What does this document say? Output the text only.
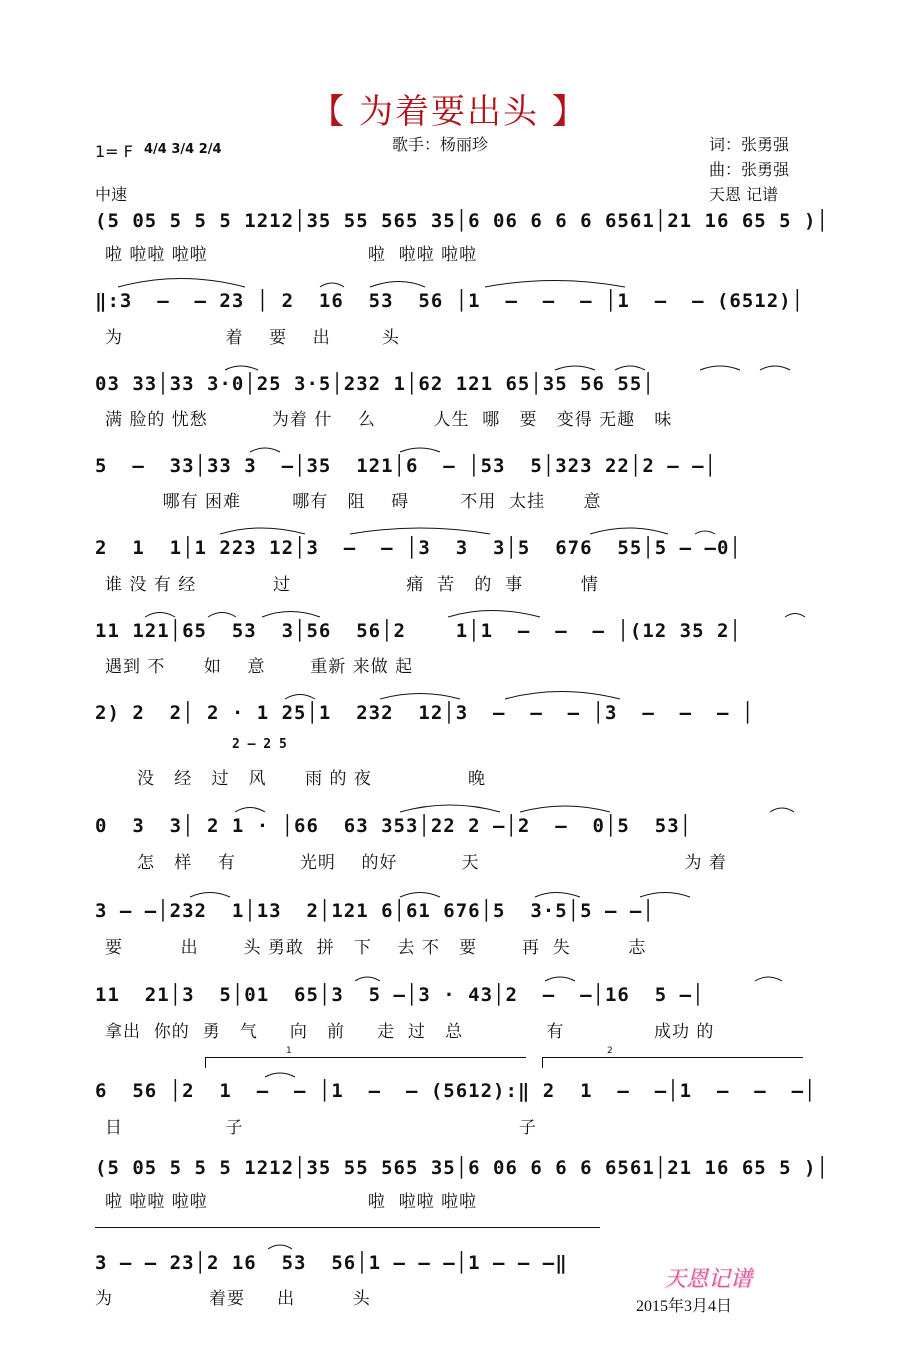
【 为着要出头 】
1= F 4/4 3/4 2/4	歌手：杨丽珍	词：张勇强
曲：张勇强
中速	天恩 记谱
(5 05 5 5 5 1212│35 55 565 35│6 06 6 6 6 6561│21 16 65 5 )│
啦 啦啦 啦啦                         啦  啦啦 啦啦
‖:3  ‒  ‒ 23 │ 2  16  53  56 │1  ‒  ‒  ‒ │1  ‒  ‒ (6512)│
为                着    要    出        头
03 33│33 3·0│25 3·5│232 1│62 121 65│35 56 55│
满 脸的 忧愁          为着 什    么         人生  哪   要   变得 无趣   味
5  ‒  33│33 3  ‒│35  121│6  ‒ │53  5│323 22│2 ‒ ‒│
哪有 困难        哪有   阻    碍        不用  太挂      意
2  1  1│1 223 12│3  ‒  ‒ │3  3  3│5  676  55│5 ‒ ‒0│
谁 没 有 经            过                  痛  苦   的  事         情
11 121│65  53  3│56  56│2    1│1  ‒  ‒  ‒ │(12 35 2│
遇到 不      如    意       重新 来做 起
2) 2  2│ 2 · 1 25│1  232  12│3  ‒  ‒  ‒ │3  ‒  ‒  ‒ │
没   经   过   风      雨 的 夜               晚
2 ‒ 2 5
0  3  3│ 2 1 · │66  63 353│22 2 ‒│2  ‒  0│5  53│
怎   样    有          光明    的好          天                                为 着
3 ‒ ‒│232  1│13  2│121 6│61 676│5  3·5│5 ‒ ‒│
要         出       头 勇敢  拼   下    去 不   要       再  失         志
11  21│3  5│01  65│3  5 ‒│3 · 43│2  ‒  ‒│16  5 ‒│
拿出  你的  勇   气     向   前     走  过   总             有              成功 的
1	2
6  56 │2  1  ‒  ‒ │1  ‒  ‒ (5612):‖ 2  1  ‒  ‒│1  ‒  ‒  ‒│
日                子                                           子
(5 05 5 5 5 1212│35 55 565 35│6 06 6 6 6 6561│21 16 65 5 )│
啦 啦啦 啦啦                         啦  啦啦 啦啦
3 ‒ ‒ 23│2 16  53  56│1 ‒ ‒ ‒│1 ‒ ‒ ‒‖
为               着要     出         头
天恩记谱
2015年3月4日
